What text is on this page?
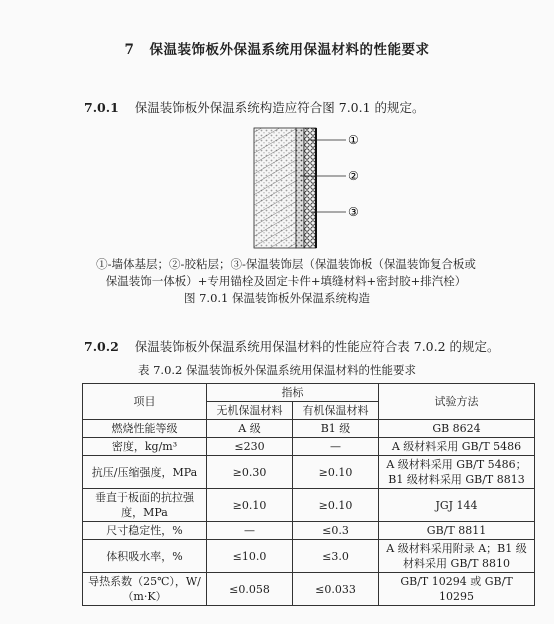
7 保温装饰板外保温系统用保温材料的性能要求
7.0.1 保温装饰板外保温系统构造应符合图 7.0.1 的规定。
①
②
③
①-墙体基层；②-胶粘层；③-保温装饰层（保温装饰板（保温装饰复合板或保温装饰一体板）+专用锚栓及固定卡件+填缝材料+密封胶+排汽栓）
图 7.0.1 保温装饰板外保温系统构造
7.0.2 保温装饰板外保温系统用保温材料的性能应符合表 7.0.2 的规定。
表 7.0.2 保温装饰板外保温系统用保温材料的性能要求
项目	指标		试验方法
	无机保温材料	有机保温材料	
燃烧性能等级	A 级	B1 级	GB 8624
密度，kg/m³	≤230	—	A 级材料采用 GB/T 5486
抗压/压缩强度，MPa	≥0.30	≥0.10	A 级材料采用 GB/T 5486；B1 级材料采用 GB/T 8813
垂直于板面的抗拉强度，MPa	≥0.10	≥0.10	JGJ 144
尺寸稳定性，%	—	≤0.3	GB/T 8811
体积吸水率，%	≤10.0	≤3.0	A 级材料采用附录 A；B1 级材料采用 GB/T 8810
导热系数（25℃），W/（m·K）	≤0.058	≤0.033	GB/T 10294 或 GB/T 10295
